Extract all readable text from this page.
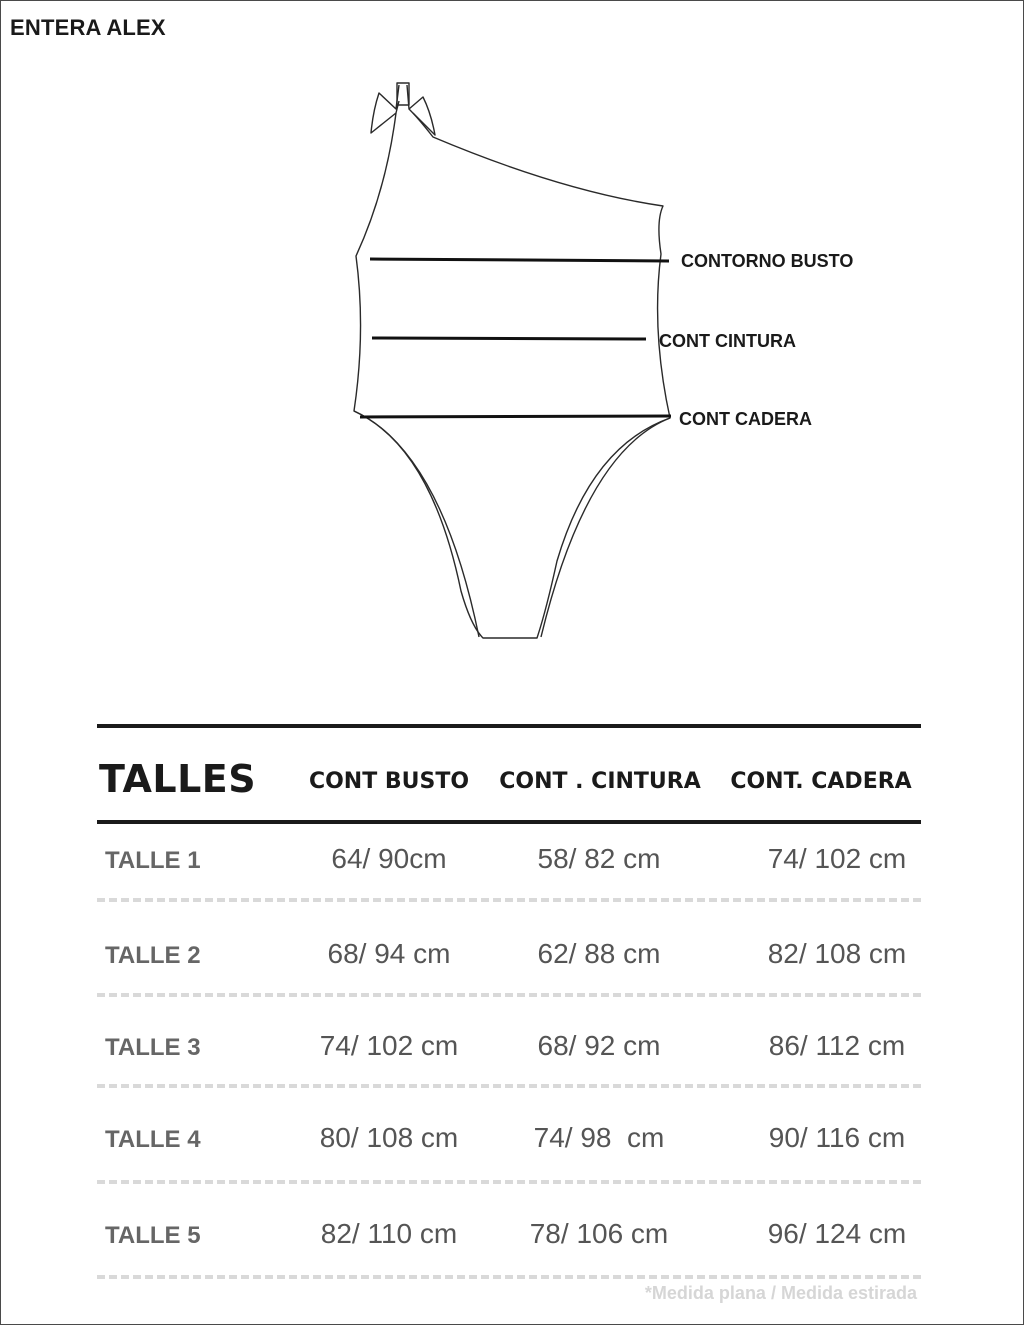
ENTERA ALEX
CONTORNO BUSTO
CONT CINTURA
CONT CADERA
TALLES	CONT BUSTO	CONT . CINTURA	CONT. CADERA
TALLE 1	64/ 90cm	58/ 82 cm	74/ 102 cm
TALLE 2	68/ 94 cm	62/ 88 cm	82/ 108 cm
TALLE 3	74/ 102 cm	68/ 92 cm	86/ 112 cm
TALLE 4	80/ 108 cm	74/ 98  cm	90/ 116 cm
TALLE 5	82/ 110 cm	78/ 106 cm	96/ 124 cm
*Medida plana / Medida estirada
